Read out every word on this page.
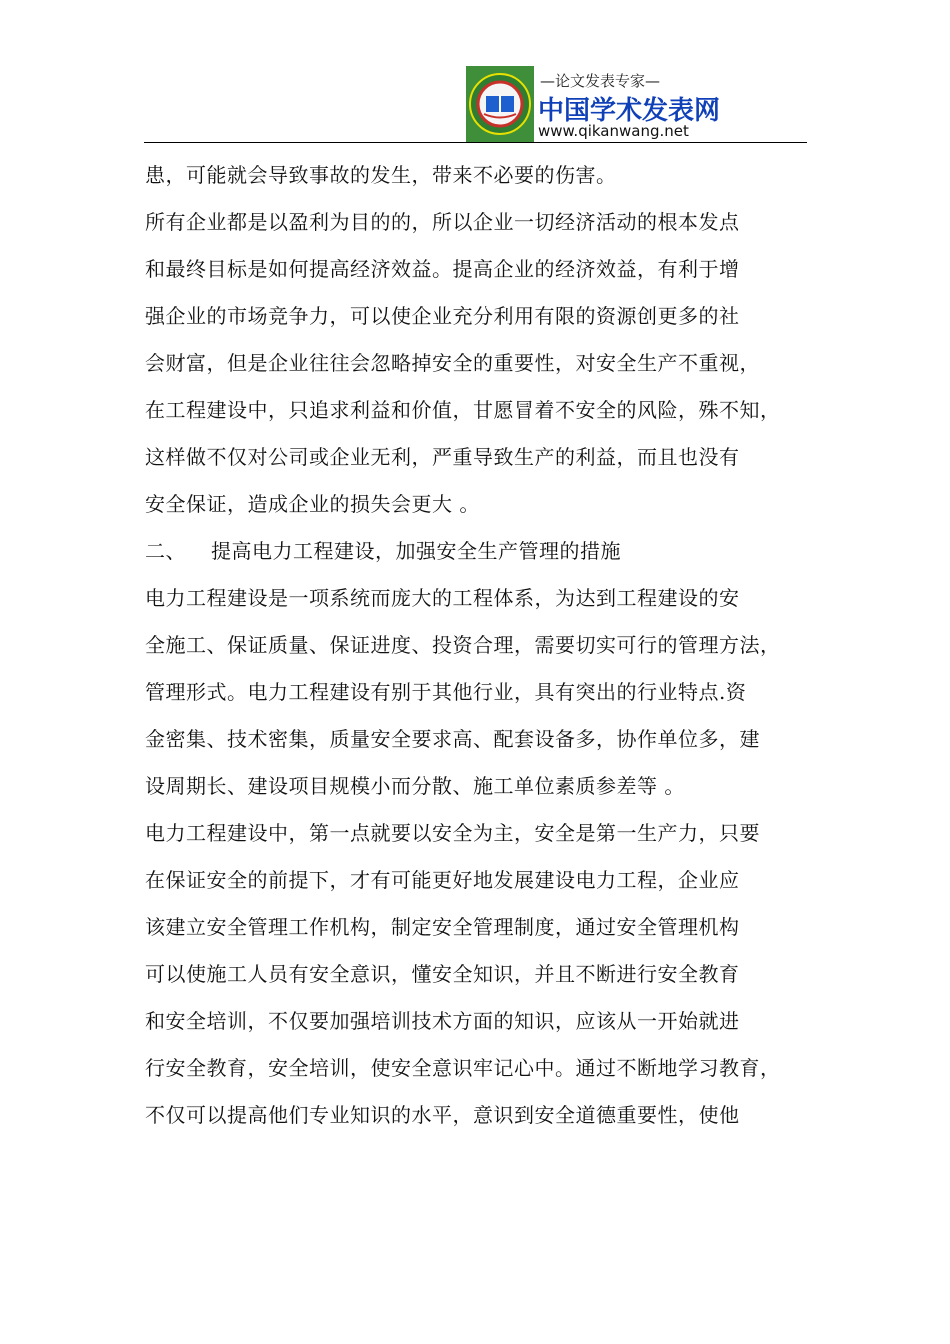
—论文发表专家—
中国学术发表网
www.qikanwang.net

患，可能就会导致事故的发生，带来不必要的伤害。

所有企业都是以盈利为目的的，所以企业一切经济活动的根本发点
和最终目标是如何提高经济效益。提高企业的经济效益，有利于增
强企业的市场竞争力，可以使企业充分利用有限的资源创更多的社
会财富，但是企业往往会忽略掉安全的重要性，对安全生产不重视，
在工程建设中，只追求利益和价值，甘愿冒着不安全的风险，殊不知，
这样做不仅对公司或企业无利，严重导致生产的利益，而且也没有
安全保证，造成企业的损失会更大 。

二、 提高电力工程建设，加强安全生产管理的措施

电力工程建设是一项系统而庞大的工程体系，为达到工程建设的安
全施工、保证质量、保证进度、投资合理，需要切实可行的管理方法，
管理形式。电力工程建设有别于其他行业，具有突出的行业特点.资
金密集、技术密集，质量安全要求高、配套设备多，协作单位多，建
设周期长、建设项目规模小而分散、施工单位素质参差等 。

电力工程建设中，第一点就要以安全为主，安全是第一生产力，只要
在保证安全的前提下，才有可能更好地发展建设电力工程，企业应
该建立安全管理工作机构，制定安全管理制度，通过安全管理机构
可以使施工人员有安全意识，懂安全知识，并且不断进行安全教育
和安全培训，不仅要加强培训技术方面的知识，应该从一开始就进
行安全教育，安全培训，使安全意识牢记心中。通过不断地学习教育，
不仅可以提高他们专业知识的水平，意识到安全道德重要性，使他
